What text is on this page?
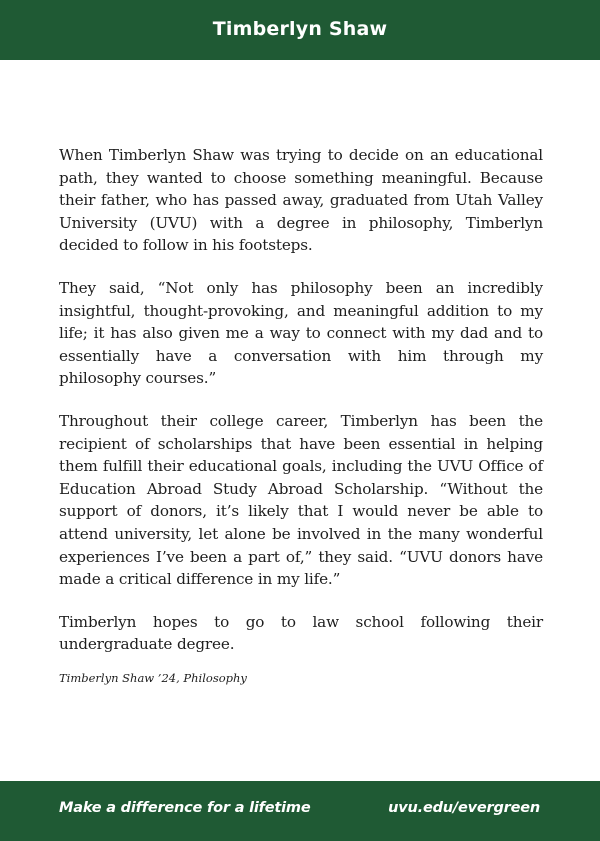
Timberlyn Shaw

When Timberlyn Shaw was trying to decide on an educational path, they wanted to choose something meaningful. Because their father, who has passed away, graduated from Utah Valley University (UVU) with a degree in philosophy, Timberlyn decided to follow in his footsteps.

They said, “Not only has philosophy been an incredibly insightful, thought-provoking, and meaningful addition to my life; it has also given me a way to connect with my dad and to essentially have a conversation with him through my philosophy courses.”

Throughout their college career, Timberlyn has been the recipient of scholarships that have been essential in helping them fulfill their educational goals, including the UVU Office of Education Abroad Study Abroad Scholarship. “Without the support of donors, it’s likely that I would never be able to attend university, let alone be involved in the many wonderful experiences I’ve been a part of,” they said. “UVU donors have made a critical difference in my life.”

Timberlyn hopes to go to law school following their undergraduate degree.

Timberlyn Shaw ’24, Philosophy

Make a difference for a lifetime	uvu.edu/evergreen
